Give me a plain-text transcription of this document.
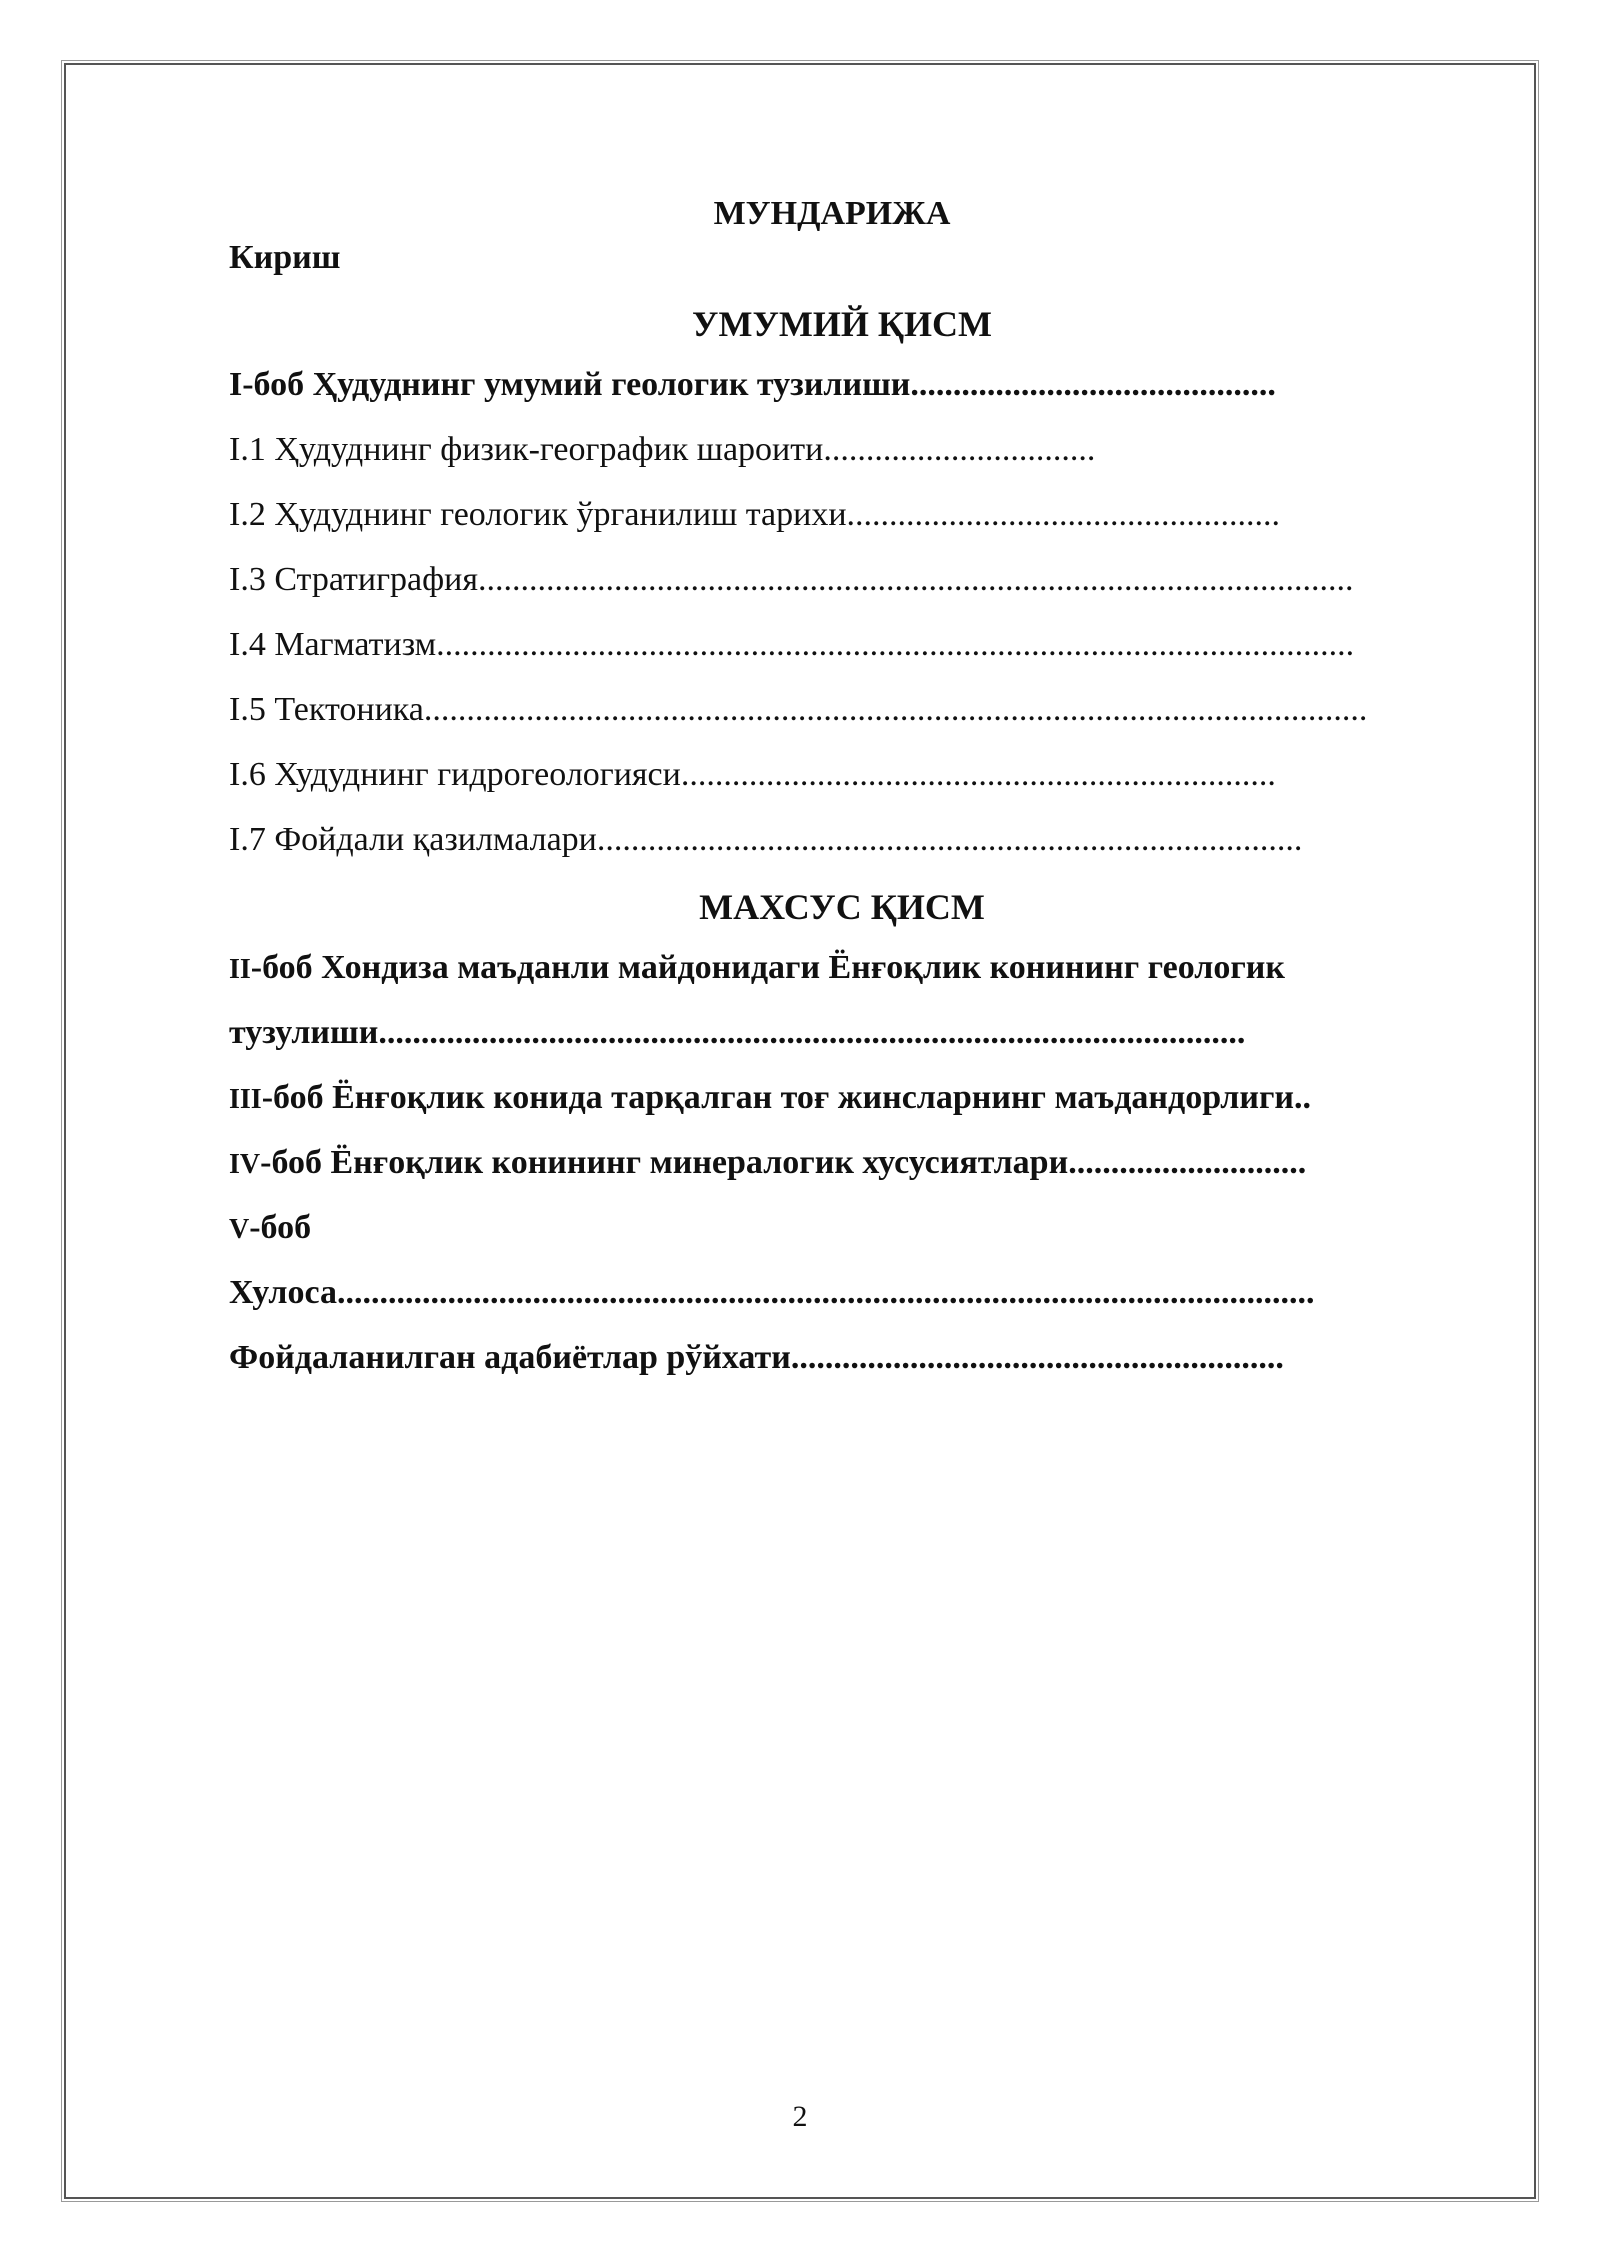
МУНДАРИЖА
Кириш
УМУМИЙ ҚИСМ
I-боб Ҳудуднинг умумий геологик тузилиши...........................................
I.1 Ҳудуднинг физик-географик шароити................................
I.2 Ҳудуднинг геологик ўрганилиш тарихи...................................................
I.3 Стратиграфия.......................................................................................................
I.4 Магматизм............................................................................................................
I.5 Тектоника...............................................................................................................
I.6 Худуднинг гидрогеологияси......................................................................
I.7 Фойдали қазилмалари...................................................................................
МАХСУС ҚИСМ
II-боб Хондиза маъданли майдонидаги Ёнғоқлик конининг геологик
тузулиши......................................................................................................
III-боб Ёнғоқлик конида тарқалган тоғ жинсларнинг маъдандорлиги..
IV-боб Ёнғоқлик конининг минералогик хусусиятлари............................
V-боб
Хулоса...................................................................................................................
Фойдаланилган адабиётлар рўйхати..........................................................
2
